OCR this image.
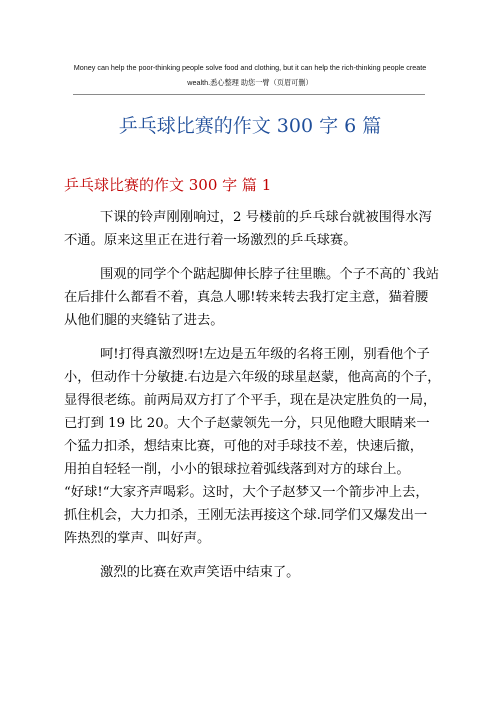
Money can help the poor-thinking people solve food and clothing, but it can help the rich-thinking people create
wealth.悉心整理 助您一臂（页眉可删）
乒乓球比赛的作文 300 字 6 篇
乒乓球比赛的作文 300 字 篇 1

下课的铃声刚刚响过，2 号楼前的乒乓球台就被围得水泻
不通。原来这里正在进行着一场激烈的乒乓球赛。

围观的同学个个踮起脚伸长脖子往里瞧。个子不高的`我站
在后排什么都看不着，真急人哪!转来转去我打定主意，猫着腰
从他们腿的夹缝钻了进去。

呵!打得真激烈呀!左边是五年级的名将王刚，别看他个子
小，但动作十分敏捷.右边是六年级的球星赵蒙，他高高的个子，
显得很老练。前两局双方打了个平手，现在是决定胜负的一局，
已打到 19 比 20。大个子赵蒙领先一分，只见他瞪大眼睛来一
个猛力扣杀，想结束比赛，可他的对手球技不差，快速后撤，
用拍自轻轻一削，小小的银球拉着弧线落到对方的球台上。
“好球!“大家齐声喝彩。这时，大个子赵梦又一个箭步冲上去，
抓住机会，大力扣杀，王刚无法再接这个球.同学们又爆发出一
阵热烈的掌声、叫好声。

激烈的比赛在欢声笑语中结束了。
